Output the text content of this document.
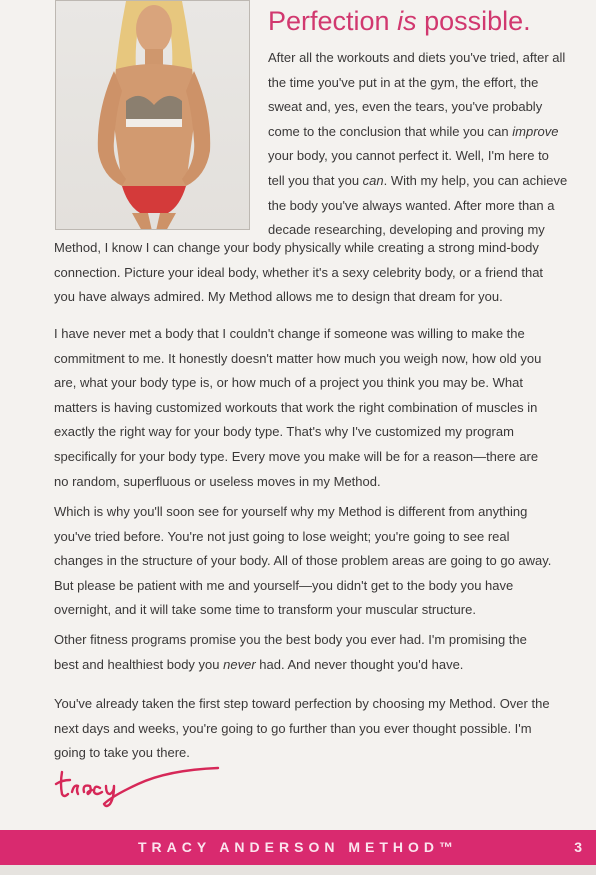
Perfection is possible.
After all the workouts and diets you've tried, after all the time you've put in at the gym, the effort, the sweat and, yes, even the tears, you've probably come to the conclusion that while you can improve your body, you cannot perfect it. Well, I'm here to tell you that you can. With my help, you can achieve the body you've always wanted. After more than a decade researching, developing and proving my
Method, I know I can change your body physically while creating a strong mind-body connection. Picture your ideal body, whether it's a sexy celebrity body, or a friend that you have always admired. My Method allows me to design that dream for you.
I have never met a body that I couldn't change if someone was willing to make the commitment to me. It honestly doesn't matter how much you weigh now, how old you are, what your body type is, or how much of a project you think you may be. What matters is having customized workouts that work the right combination of muscles in exactly the right way for your body type. That's why I've customized my program specifically for your body type. Every move you make will be for a reason—there are no random, superfluous or useless moves in my Method.
Which is why you'll soon see for yourself why my Method is different from anything you've tried before. You're not just going to lose weight; you're going to see real changes in the structure of your body. All of those problem areas are going to go away. But please be patient with me and yourself—you didn't get to the body you have overnight, and it will take some time to transform your muscular structure.
Other fitness programs promise you the best body you ever had. I'm promising the best and healthiest body you never had. And never thought you'd have.
You've already taken the first step toward perfection by choosing my Method. Over the next days and weeks, you're going to go further than you ever thought possible. I'm going to take you there.
TRACY ANDERSON METHOD™	3
